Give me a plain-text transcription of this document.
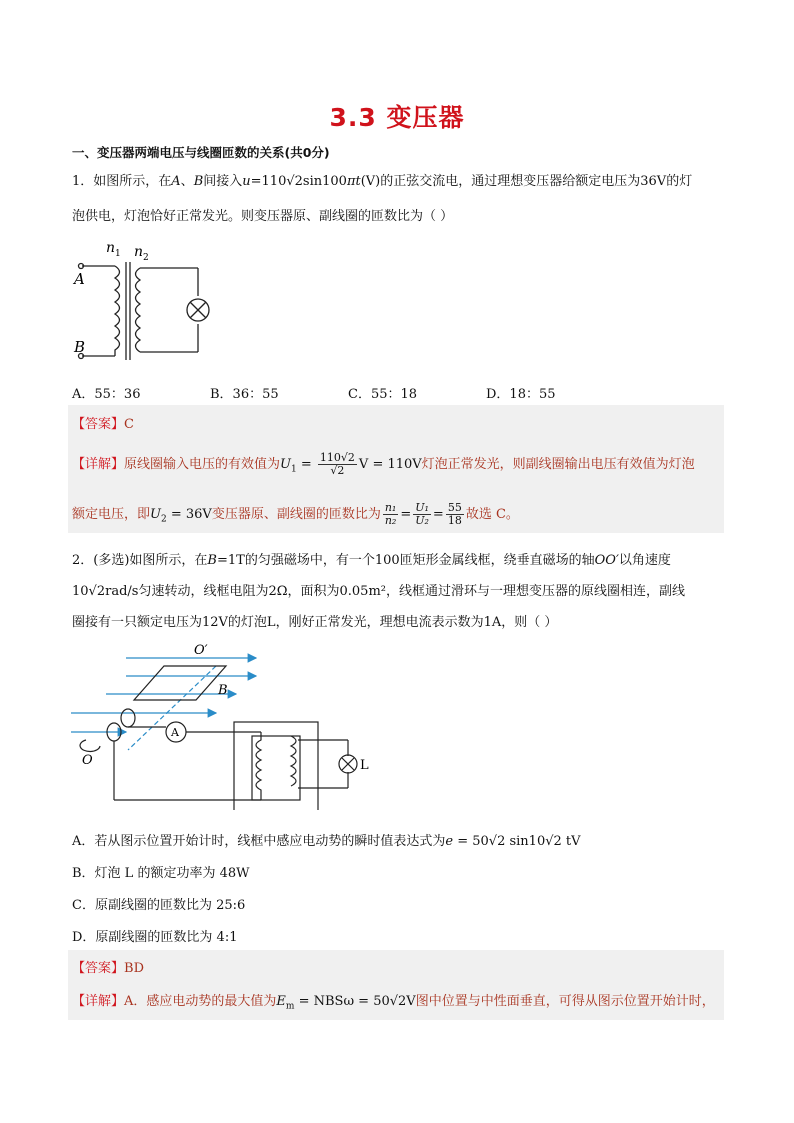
3.3 变压器
一、变压器两端电压与线圈匝数的关系(共0分)
1．如图所示，在A、B间接入u=110√2sin100πt(V)的正弦交流电，通过理想变压器给额定电压为36V的灯
泡供电，灯泡恰好正常发光。则变压器原、副线圈的匝数比为（ ）
n 1 n 2
A
B
A．55：36	B．36：55	C．55：18	D．18：55
【答案】C
【详解】原线圈输入电压的有效值为$U_1 = \frac{110√2}{√2}$ V = 110V灯泡正常发光，则副线圈输出电压有效值为灯泡
额定电压，即$U_2 = 36V$变压器原、副线圈的匝数比为 $\frac{\text{n₁}}{\text{n₂}} = \frac{\text{U₁}}{\text{U₂}} = \frac{55}{18}$ 故选 C。
2．(多选)如图所示，在B=1T的匀强磁场中，有一个100匝矩形金属线框，绕垂直磁场的轴OO′以角速度
10√2rad/s匀速转动，线框电阻为2Ω，面积为0.05m²，线框通过滑环与一理想变压器的原线圈相连，副线
圈接有一只额定电压为12V的灯泡L，刚好正常发光，理想电流表示数为1A，则（ ）
O′
B
A
O	L
A．若从图示位置开始计时，线框中感应电动势的瞬时值表达式为e = 50√2 sin10√2 tV
B．灯泡 L 的额定功率为 48W
C．原副线圈的匝数比为 25:6
D．原副线圈的匝数比为 4:1
【答案】BD
【详解】A．感应电动势的最大值为$E_m = NBS\omega = 50√2V$图中位置与中性面垂直，可得从图示位置开始计时，
